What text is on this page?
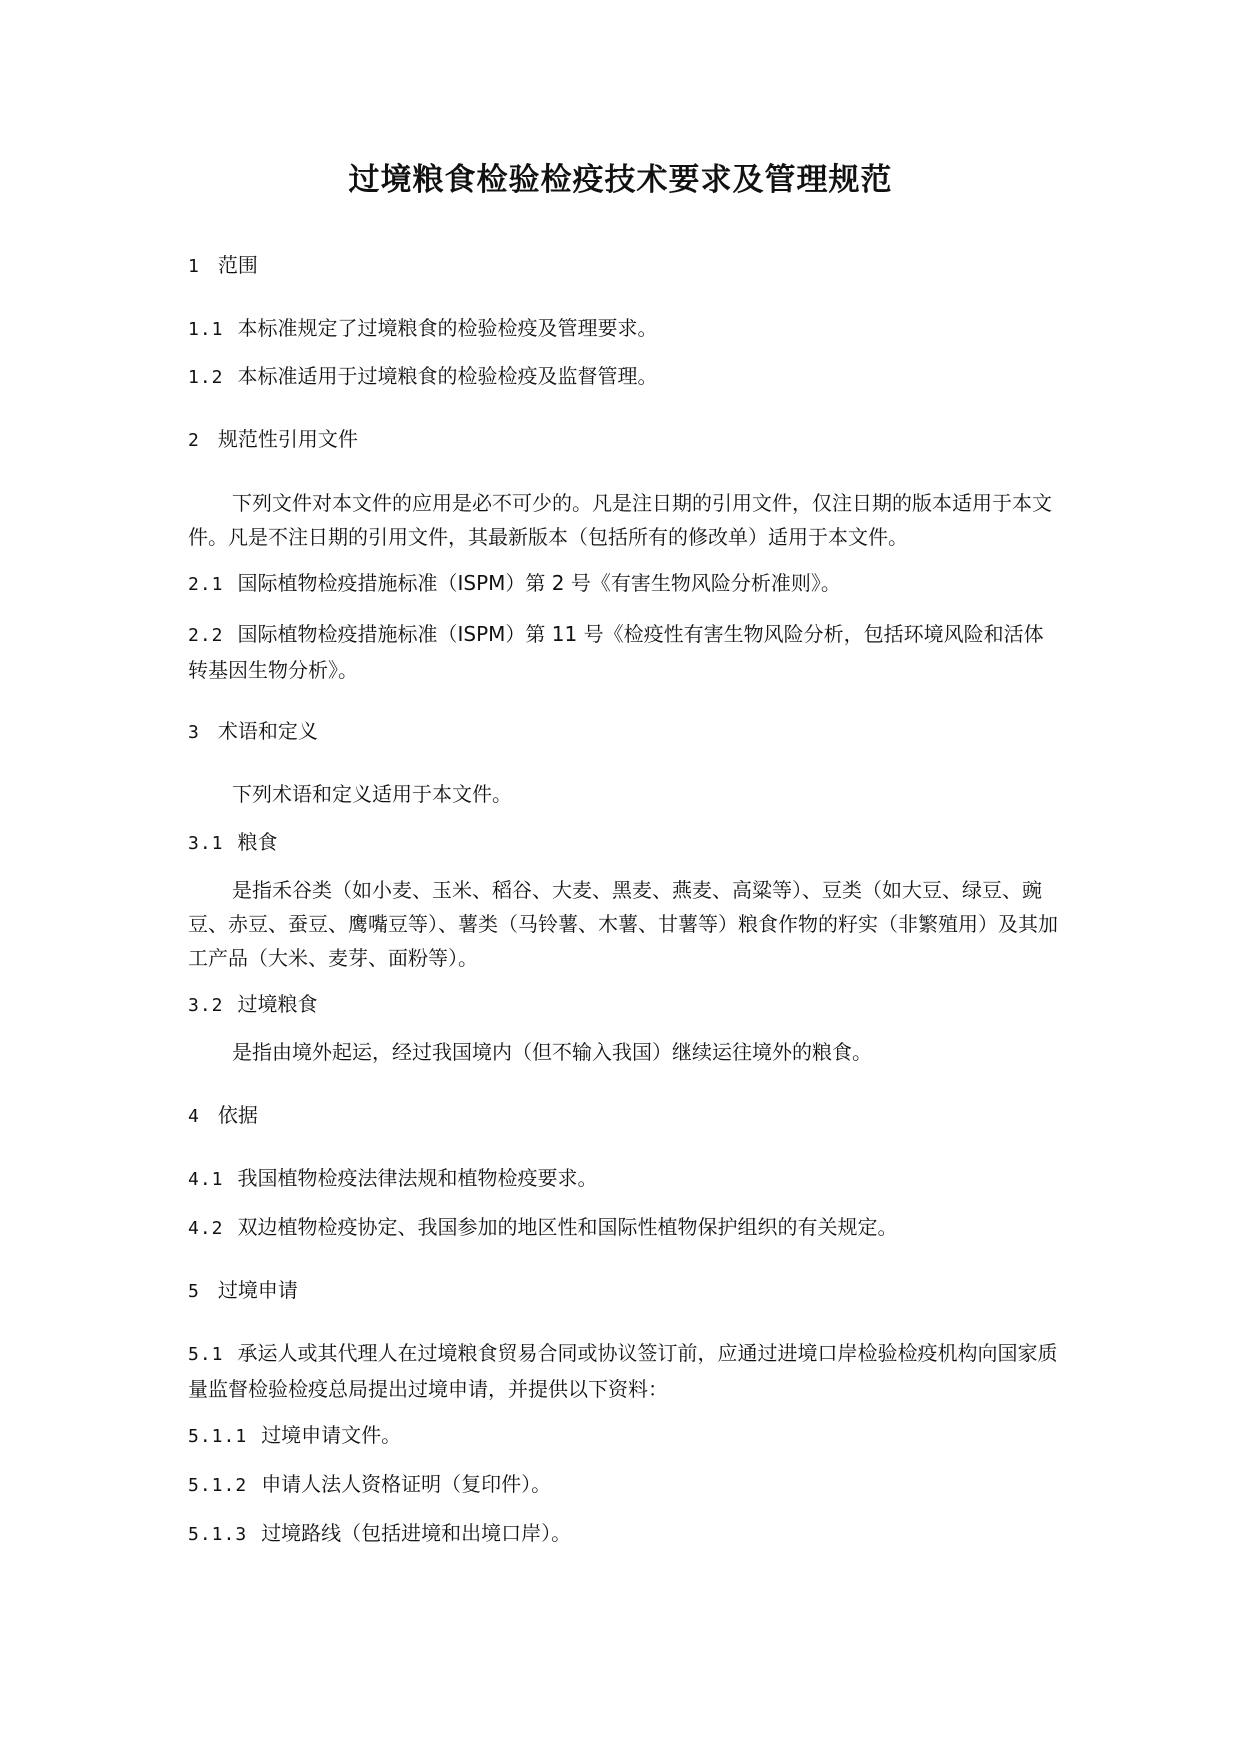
过境粮食检验检疫技术要求及管理规范
1 范围
1.1 本标准规定了过境粮食的检验检疫及管理要求。
1.2 本标准适用于过境粮食的检验检疫及监督管理。
2 规范性引用文件
下列文件对本文件的应用是必不可少的。凡是注日期的引用文件，仅注日期的版本适用于本文件。凡是不注日期的引用文件，其最新版本（包括所有的修改单）适用于本文件。
2.1 国际植物检疫措施标准（ISPM）第 2 号《有害生物风险分析准则》。
2.2 国际植物检疫措施标准（ISPM）第 11 号《检疫性有害生物风险分析，包括环境风险和活体转基因生物分析》。
3 术语和定义
下列术语和定义适用于本文件。
3.1 粮食
是指禾谷类（如小麦、玉米、稻谷、大麦、黑麦、燕麦、高粱等）、豆类（如大豆、绿豆、豌豆、赤豆、蚕豆、鹰嘴豆等）、薯类（马铃薯、木薯、甘薯等）粮食作物的籽实（非繁殖用）及其加工产品（大米、麦芽、面粉等）。
3.2 过境粮食
是指由境外起运，经过我国境内（但不输入我国）继续运往境外的粮食。
4 依据
4.1 我国植物检疫法律法规和植物检疫要求。
4.2 双边植物检疫协定、我国参加的地区性和国际性植物保护组织的有关规定。
5 过境申请
5.1 承运人或其代理人在过境粮食贸易合同或协议签订前，应通过进境口岸检验检疫机构向国家质量监督检验检疫总局提出过境申请，并提供以下资料：
5.1.1 过境申请文件。
5.1.2 申请人法人资格证明（复印件）。
5.1.3 过境路线（包括进境和出境口岸）。
